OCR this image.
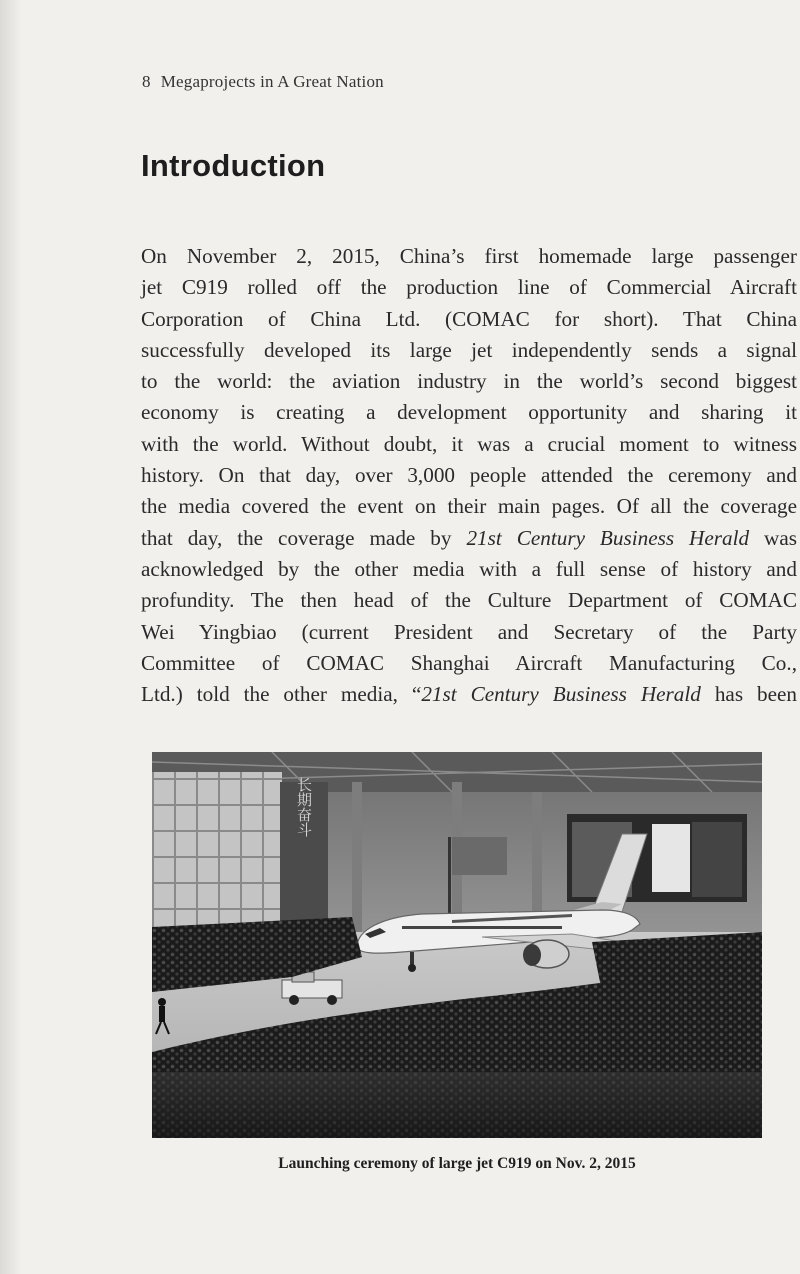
8 Megaprojects in A Great Nation
Introduction
On November 2, 2015, China’s first homemade large passenger
jet C919 rolled off the production line of Commercial Aircraft
Corporation of China Ltd. (COMAC for short). That China
successfully developed its large jet independently sends a signal
to the world: the aviation industry in the world’s second biggest
economy is creating a development opportunity and sharing it
with the world. Without doubt, it was a crucial moment to witness
history. On that day, over 3,000 people attended the ceremony and
the media covered the event on their main pages. Of all the coverage
that day, the coverage made by 21st Century Business Herald was
acknowledged by the other media with a full sense of history and
profundity. The then head of the Culture Department of COMAC
Wei Yingbiao (current President and Secretary of the Party
Committee of COMAC Shanghai Aircraft Manufacturing Co.,
Ltd.) told the other media, “21st Century Business Herald has been
长期奋斗
Launching ceremony of large jet C919 on Nov. 2, 2015
